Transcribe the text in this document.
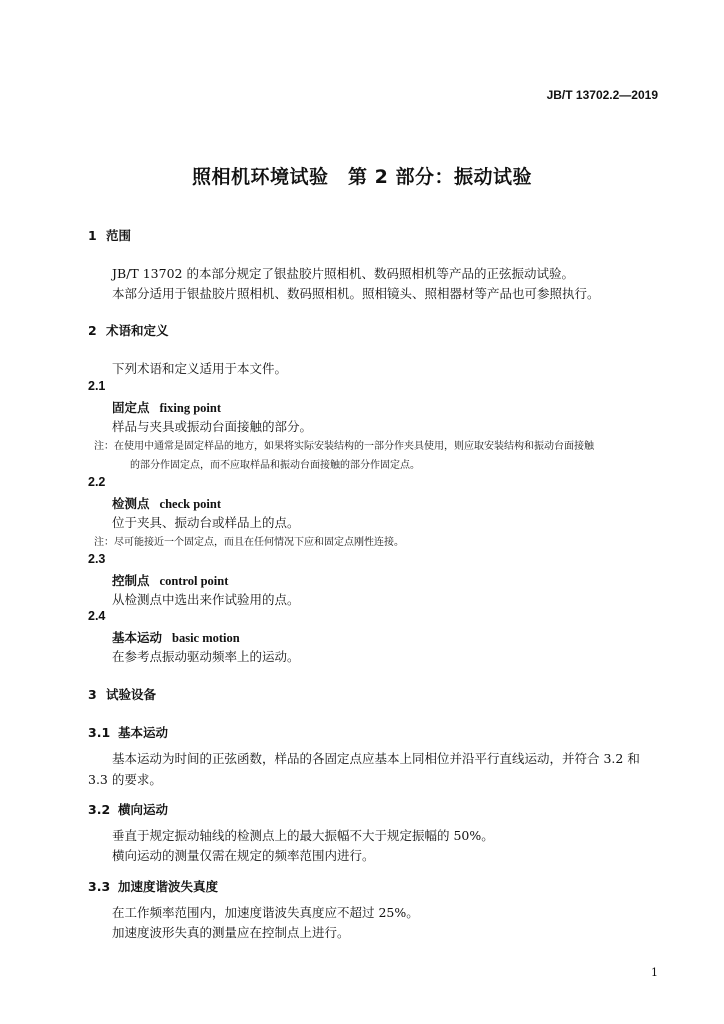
JB/T 13702.2—2019
照相机环境试验　第 2 部分：振动试验
1 范围
JB/T 13702 的本部分规定了银盐胶片照相机、数码照相机等产品的正弦振动试验。
本部分适用于银盐胶片照相机、数码照相机。照相镜头、照相器材等产品也可参照执行。
2 术语和定义
下列术语和定义适用于本文件。
2.1
固定点 fixing point
样品与夹具或振动台面接触的部分。
注：在使用中通常是固定样品的地方，如果将实际安装结构的一部分作夹具使用，则应取安装结构和振动台面接触
的部分作固定点，而不应取样品和振动台面接触的部分作固定点。
2.2
检测点 check point
位于夹具、振动台或样品上的点。
注：尽可能接近一个固定点，而且在任何情况下应和固定点刚性连接。
2.3
控制点 control point
从检测点中选出来作试验用的点。
2.4
基本运动 basic motion
在参考点振动驱动频率上的运动。
3 试验设备
3.1 基本运动
基本运动为时间的正弦函数，样品的各固定点应基本上同相位并沿平行直线运动，并符合 3.2 和 3.3 的要求。
3.2 横向运动
垂直于规定振动轴线的检测点上的最大振幅不大于规定振幅的 50%。
横向运动的测量仅需在规定的频率范围内进行。
3.3 加速度谐波失真度
在工作频率范围内，加速度谐波失真度应不超过 25%。
加速度波形失真的测量应在控制点上进行。
1
